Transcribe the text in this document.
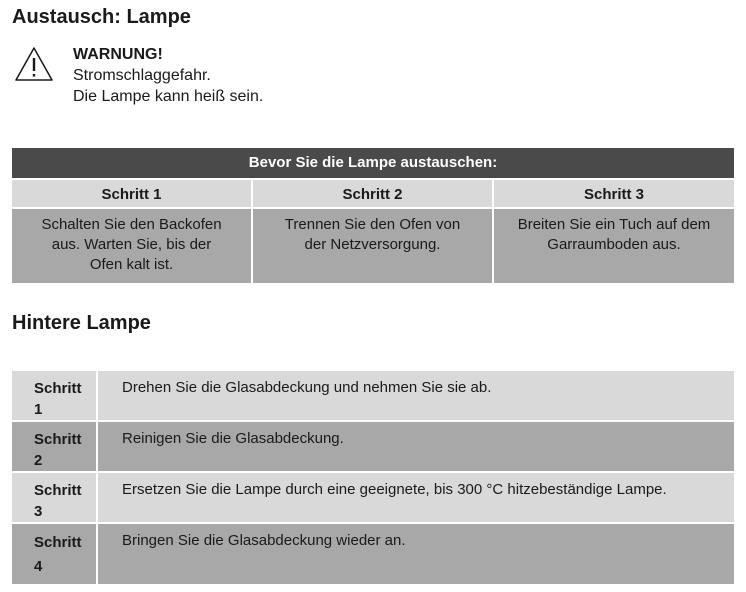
Austausch: Lampe
WARNUNG!
Stromschlaggefahr.
Die Lampe kann heiß sein.
Bevor Sie die Lampe austauschen:
Schritt 1	Schritt 2	Schritt 3
Schalten Sie den Backofen aus. Warten Sie, bis der Ofen kalt ist.
Trennen Sie den Ofen von der Netzversorgung.
Breiten Sie ein Tuch auf dem Garraumboden aus.
Hintere Lampe
Schritt
1
Drehen Sie die Glasabdeckung und nehmen Sie sie ab.
Schritt
2
Reinigen Sie die Glasabdeckung.
Schritt
3
Ersetzen Sie die Lampe durch eine geeignete, bis 300 °C hitzebeständige Lampe.
Schritt
4
Bringen Sie die Glasabdeckung wieder an.
